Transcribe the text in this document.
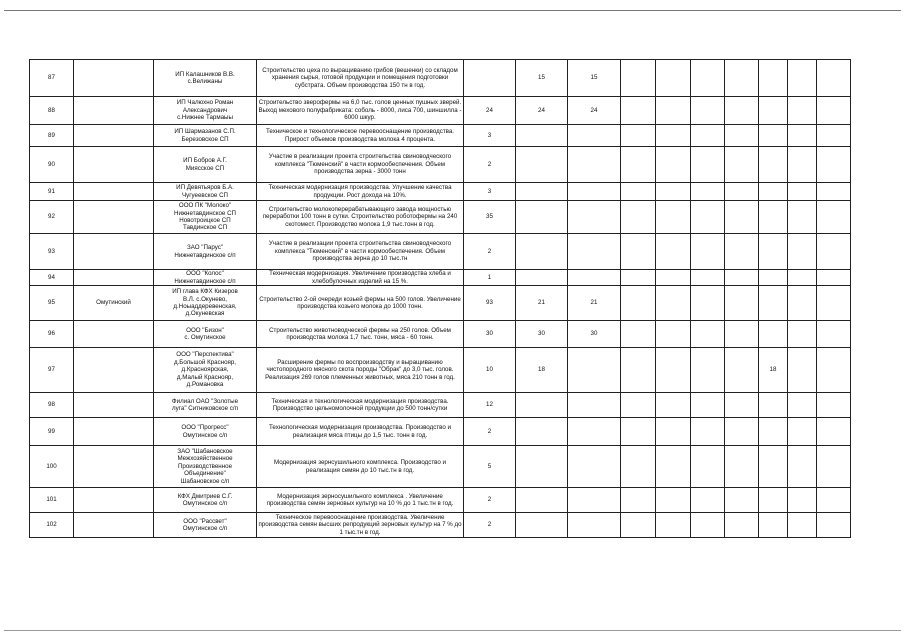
87		ИП Калашников В.В.
с.Велижаны	Строительство цеха по выращиванию грибов (вешенки) со складом хранения сырья, готовой продукции и помещения подготовки субстрата. Объем производства 150 тн в год.		15	15								
88		ИП Чалюхно Роман
Александрович
с.Нижнее Тармаыы	Строительство зверофермы на 6,0 тыс. голов ценных пушных зверей. Выход мехового полуфабриката: соболь - 8000, лиса 700, шиншилла - 6000 шкур.	24	24	24								
89		ИП Шармазанов С.П.
Березовское СП	Техническое и технологическое перевооснащение производства. Прирост объемов производства молока 4 процента.	3										
90		ИП Бобров А.Г.
Миясское СП	Участие в реализации проекта строительства свиноводческого комплекса "Тюменский" в части кормообеспечения. Объем производства зерна - 3000 тонн	2										
91		ИП Девятьяров Б.А.
Чугуеевское СП	Техническая модернизация производства. Улучшение качества продукции. Рост дохода на 10%.	3										
92		ООО ПК "Молоко"
Нижнетавдинское СП
Новотроицкое СП
Тавдинское СП	Строительство молокоперерабатывающего завода мощностью переработки 100 тонн в сутки. Строительство роботофермы на 240 скотомест. Производство молока 1,9 тыс.тонн в год.	35										
93		ЗАО "Парус"
Нижнетавдинское с/п	Участие в реализации проекта строительства свиноводческого комплекса "Тюменский" в части кормообеспечения. Объем производства зерна до 10 тыс.тн	2										
94		ООО "Колос"
Нижнетавдинское с/п	Техническая модернизация. Увеличение производства хлеба и хлебобулочных изделий на 15 %.	1										
95	Омутинский	ИП глава КФХ Кизеров
В.Л. с.Окунево,
д.Ноыаддеревенская,
д.Окуневская	Строительство 2-ой очереди козьей фермы на 500 голов. Увеличение производства козьего молока до 1000 тонн.	93	21	21								
96		ООО "Бизон"
с. Омутинское	Строительство животноводческой фермы на 250 голов. Объем производства молока 1,7 тыс. тонн, мяса - 60 тонн.	30	30	30								
97		ООО "Перспектива"
д.Большой Краснояр,
д.Красноярская,
д.Малый Краснояр,
д.Романовка	Расширение фермы по воспроизводству и выращиванию чистопородного мясного скота породы "Обрак" до 3,0 тыс. голов. Реализация 269 голов племенных животных, мяса 210 тонн в год.	10	18						18			
98		Филиал ОАО "Золотые
луга" Ситниковское с/п	Техническая и технологическая модернизация производства. Производство цельномолочной продукции до 500 тонн/сутки	12										
99		ООО "Прогресс"
Омутинское с/п	Технологическая модернизация производства. Производство и реализация мяса птицы до 1,5 тыс. тонн в год.	2										
100		ЗАО "Шабановское
Межхозяйственное
Производственное
Объединение"
Шабановское с/п	Модернизация зернсушильного комплекса. Производство и реализация семян до 10 тыс.тн в год.	5										
101		КФХ Дмитриев С.Г.
Омутинское с/п	Модернизация зерносушильного комплекса . Увеличение производства семян зерновых культур на 10 % до 1 тыс.тн в год.	2										
102		ООО "Рассвет"
Омутинское с/п	Техническое перевооснащение производства. Увеличение производства семян высших репродукций зерновых культур на 7 % до 1 тыс.тн в год.	2										
